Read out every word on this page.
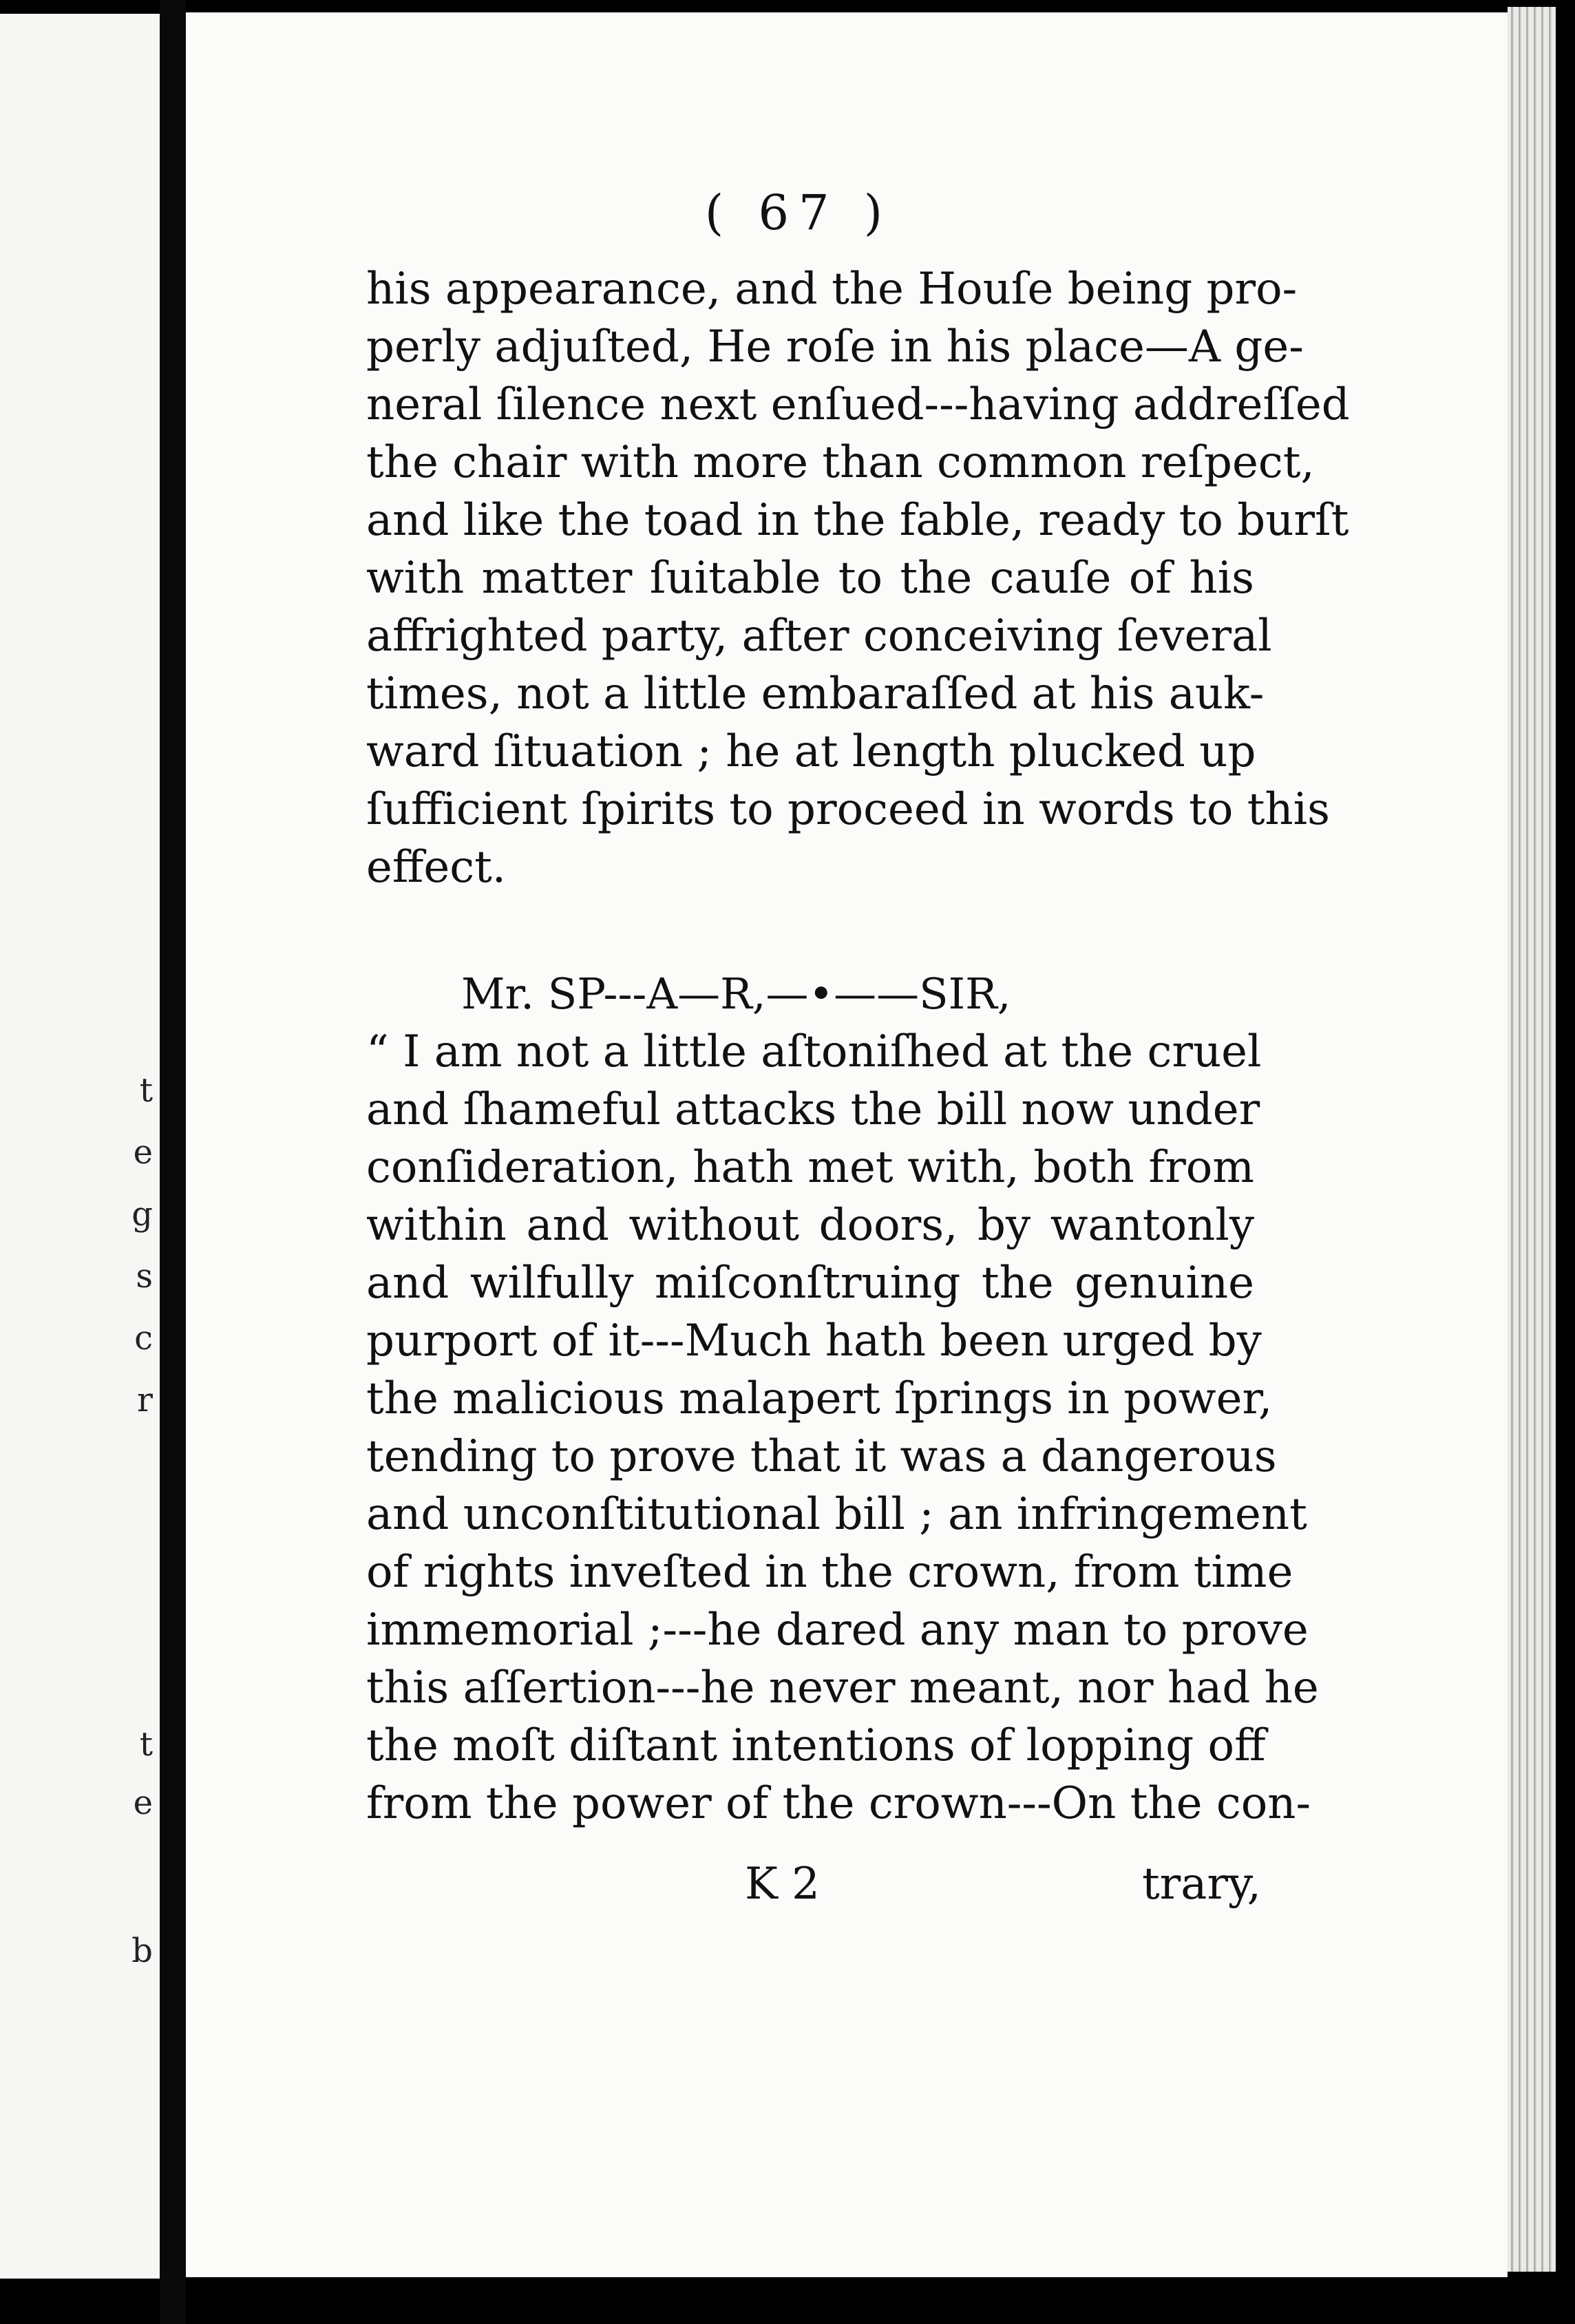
t
e
g
s
c
r
t
e
b
( 67 )
his appearance, and the Houſe being pro-
perly adjuſted, He roſe in his place—A ge-
neral ſilence next enſued---having addreſſed
the chair with more than common reſpect,
and like the toad in the fable, ready to burſt
with matter ſuitable to the cauſe of his
affrighted party, after conceiving ſeveral
times, not a little embaraſſed at his auk-
ward ſituation ; he at length plucked up
ſufficient ſpirits to proceed in words to this
effect.
Mr. SP---A—R,—•——SIR,
“ I am not a little aſtoniſhed at the cruel
and ſhameful attacks the bill now under
conſideration, hath met with, both from
within and without doors, by wantonly
and wilfully miſconſtruing the genuine
purport of it---Much hath been urged by
the malicious malapert ſprings in power,
tending to prove that it was a dangerous
and unconſtitutional bill ; an infringement
of rights inveſted in the crown, from time
immemorial ;---he dared any man to prove
this aſſertion---he never meant, nor had he
the moſt diſtant intentions of lopping off
from the power of the crown---On the con-
K 2	trary,
